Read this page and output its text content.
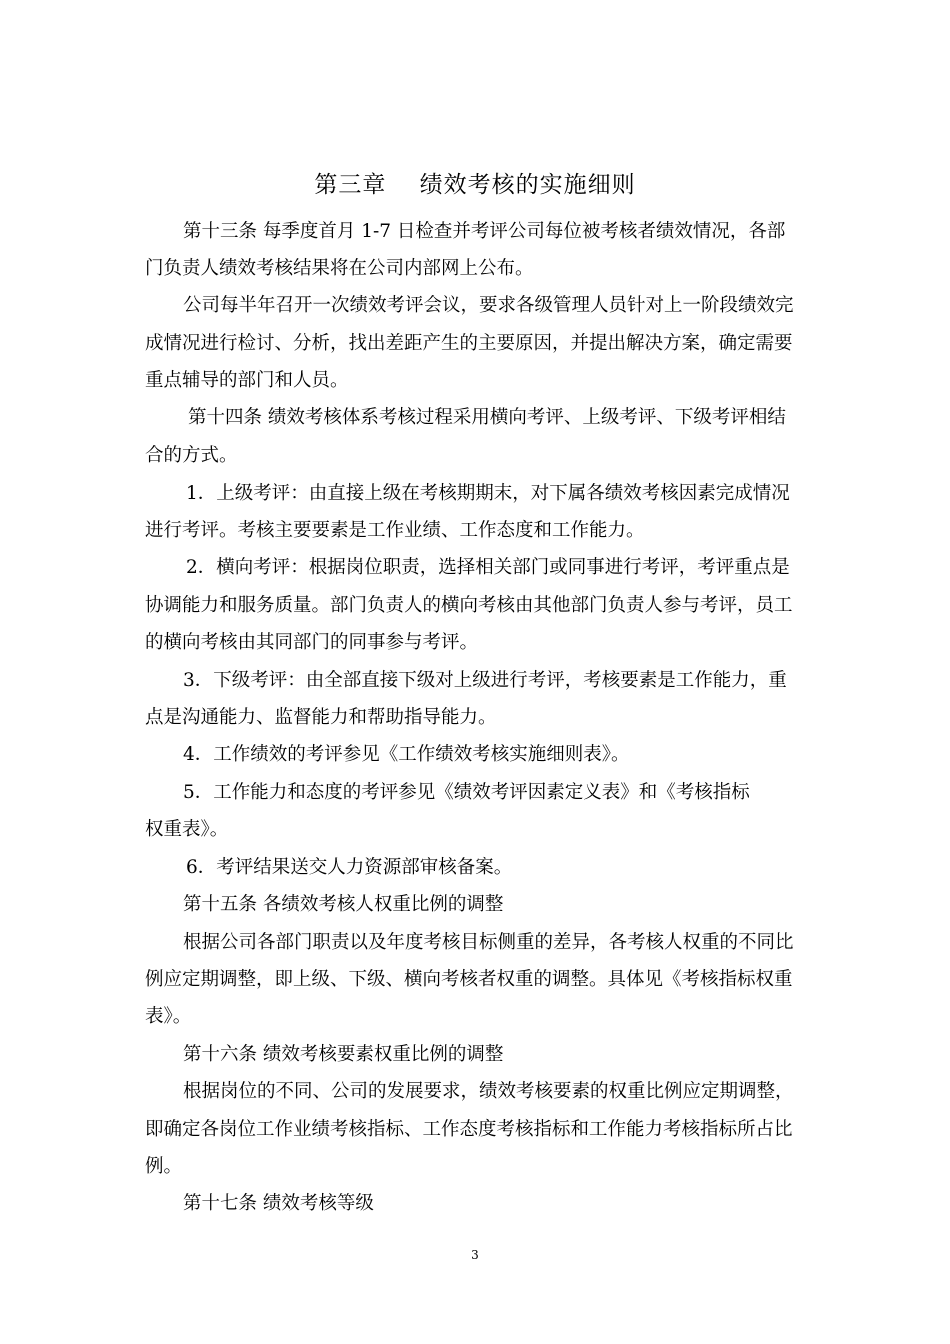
第三章    绩效考核的实施细则
第十三条 每季度首月 1-7 日检查并考评公司每位被考核者绩效情况，各部
门负责人绩效考核结果将在公司内部网上公布。
公司每半年召开一次绩效考评会议，要求各级管理人员针对上一阶段绩效完
成情况进行检讨、分析，找出差距产生的主要原因，并提出解决方案，确定需要
重点辅导的部门和人员。
第十四条 绩效考核体系考核过程采用横向考评、上级考评、下级考评相结
合的方式。
1．上级考评：由直接上级在考核期期末，对下属各绩效考核因素完成情况
进行考评。考核主要要素是工作业绩、工作态度和工作能力。
2．横向考评：根据岗位职责，选择相关部门或同事进行考评，考评重点是
协调能力和服务质量。部门负责人的横向考核由其他部门负责人参与考评，员工
的横向考核由其同部门的同事参与考评。
3．下级考评：由全部直接下级对上级进行考评，考核要素是工作能力，重
点是沟通能力、监督能力和帮助指导能力。
4．工作绩效的考评参见《工作绩效考核实施细则表》。
5．工作能力和态度的考评参见《绩效考评因素定义表》和《考核指标
权重表》。
6．考评结果送交人力资源部审核备案。
第十五条 各绩效考核人权重比例的调整
根据公司各部门职责以及年度考核目标侧重的差异，各考核人权重的不同比
例应定期调整，即上级、下级、横向考核者权重的调整。具体见《考核指标权重
表》。
第十六条 绩效考核要素权重比例的调整
根据岗位的不同、公司的发展要求，绩效考核要素的权重比例应定期调整，
即确定各岗位工作业绩考核指标、工作态度考核指标和工作能力考核指标所占比
例。
第十七条 绩效考核等级
3
